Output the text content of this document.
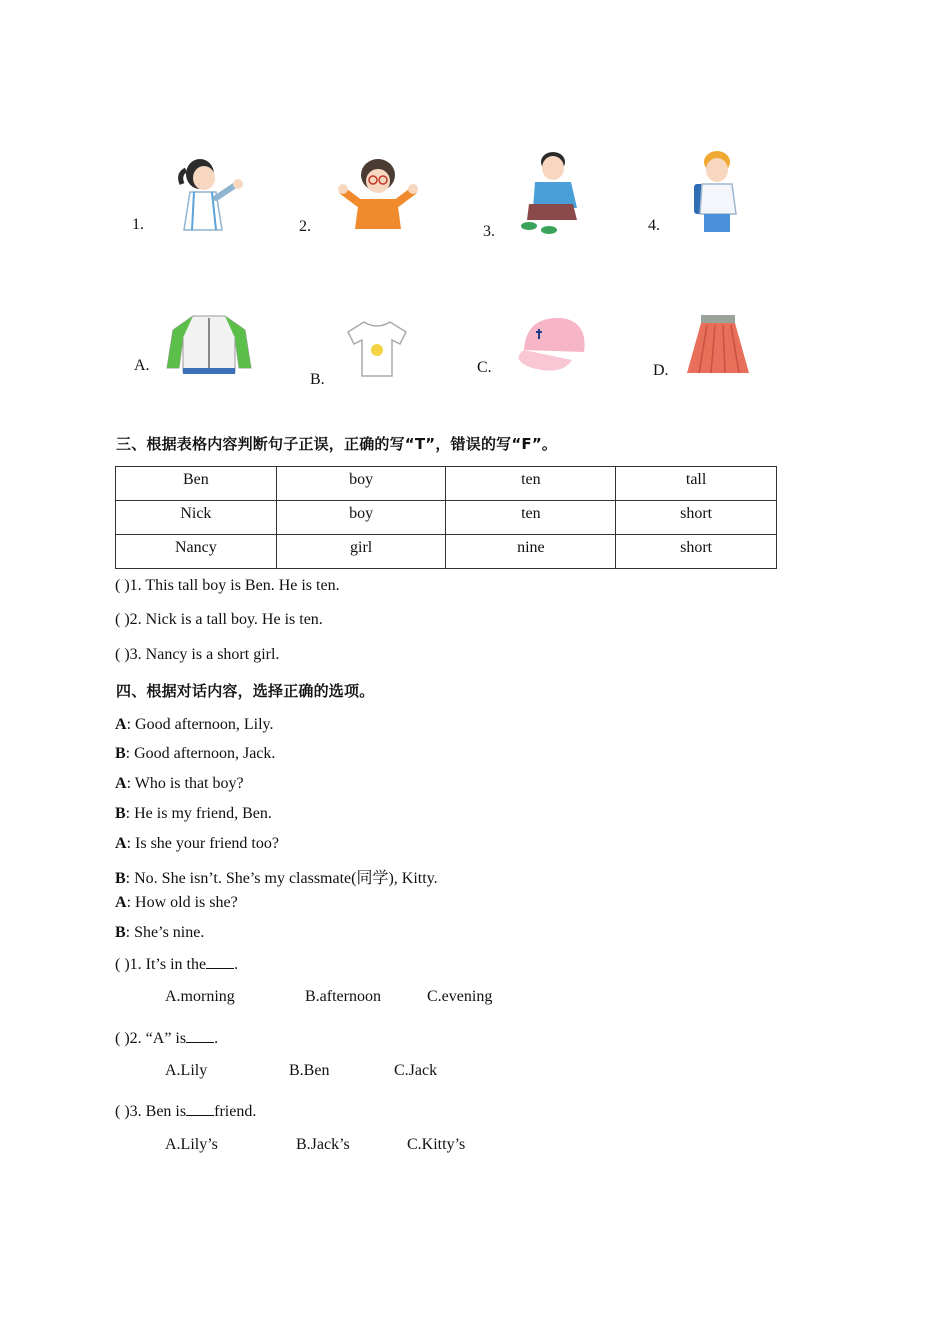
1.	2.	3.	4.
A.
B.
C.	D.
三、根据表格内容判断句子正误，正确的写“T”，错误的写“F”。
Ben	boy	ten	tall
Nick	boy	ten	short
Nancy	girl	nine	short
( )1. This tall boy is Ben. He is ten.
( )2. Nick is a tall boy. He is ten.
( )3. Nancy is a short girl.
四、根据对话内容，选择正确的选项。
A: Good afternoon, Lily.
B: Good afternoon, Jack.
A: Who is that boy?
B: He is my friend, Ben.
A: Is she your friend too?
B: No. She isn’t. She’s my classmate(同学), Kitty.
A: How old is she?
B: She’s nine.
( )1. It’s in the .
A.morning	B.afternoon	C.evening
( )2. “A” is .
A.Lily	B.Ben	C.Jack
( )3. Ben is friend.
A.Lily’s	B.Jack’s	C.Kitty’s
